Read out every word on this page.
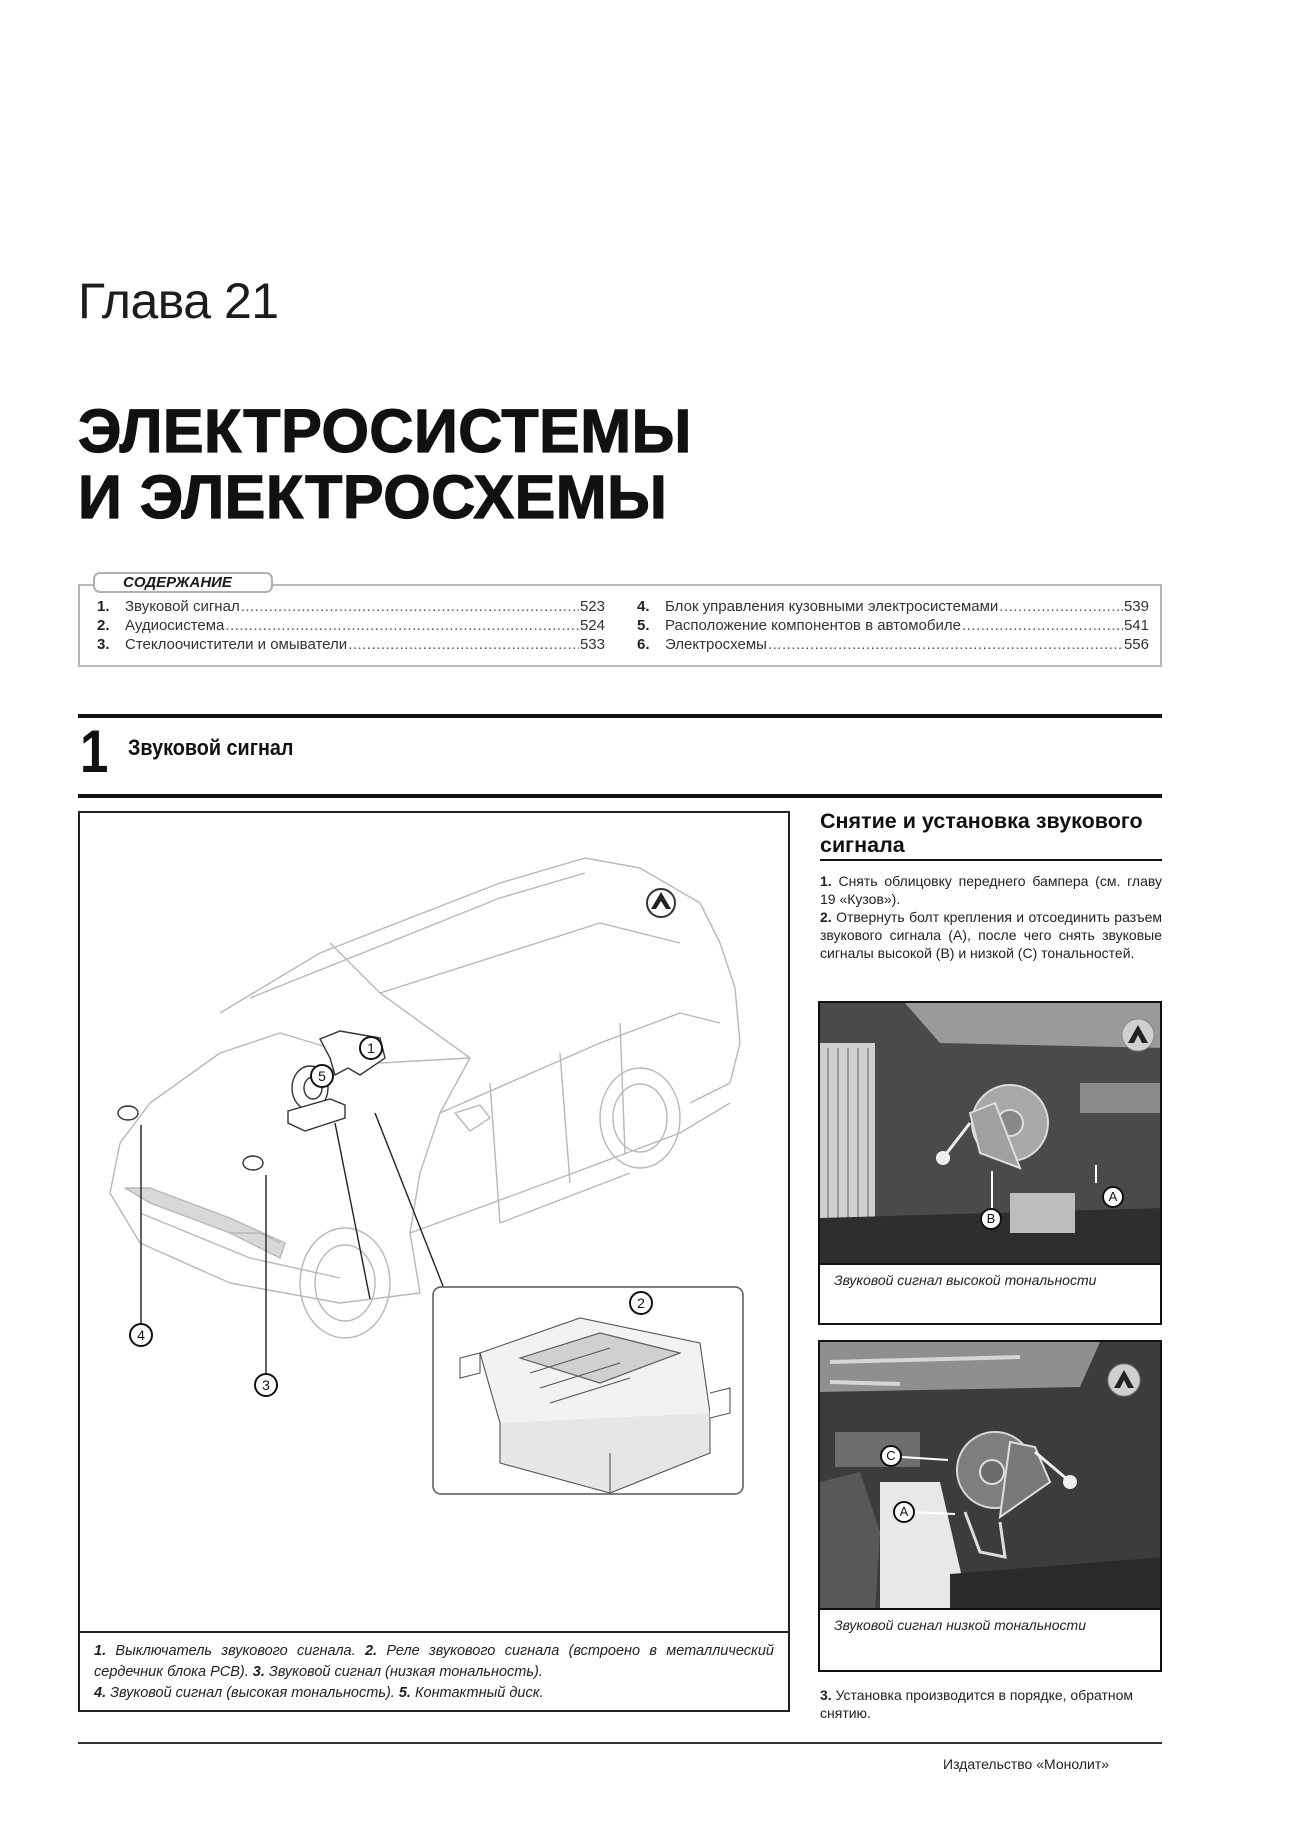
Глава 21
ЭЛЕКТРОСИСТЕМЫ
И ЭЛЕКТРОСХЕМЫ
СОДЕРЖАНИЕ
1.	Звуковой сигнал .....	523
2.	Аудиосистема .....	524
3.	Стеклоочистители и омыватели .....	533
4.	Блок управления кузовными электросистемами .....	539
5.	Расположение компонентов в автомобиле .....	541
6.	Электросхемы .....	556
1 Звуковой сигнал
1
2
3
4
5
1. Выключатель звукового сигнала. 2. Реле звукового сигнала (встроено в металлический сердечник блока PCB). 3. Звуковой сигнал (низкая тональность).
4. Звуковой сигнал (высокая тональность). 5. Контактный диск.
Снятие и установка звукового сигнала
1. Снять облицовку переднего бампера (см. главу 19 «Кузов»).
2. Отвернуть болт крепления и отсоединить разъем звукового сигнала (A), после чего снять звуковые сигналы высокой (B) и низкой (C) тональностей.
B
A
Звуковой сигнал высокой тональности
C
A
Звуковой сигнал низкой тональности
3. Установка производится в порядке, обратном снятию.
Издательство «Монолит»
